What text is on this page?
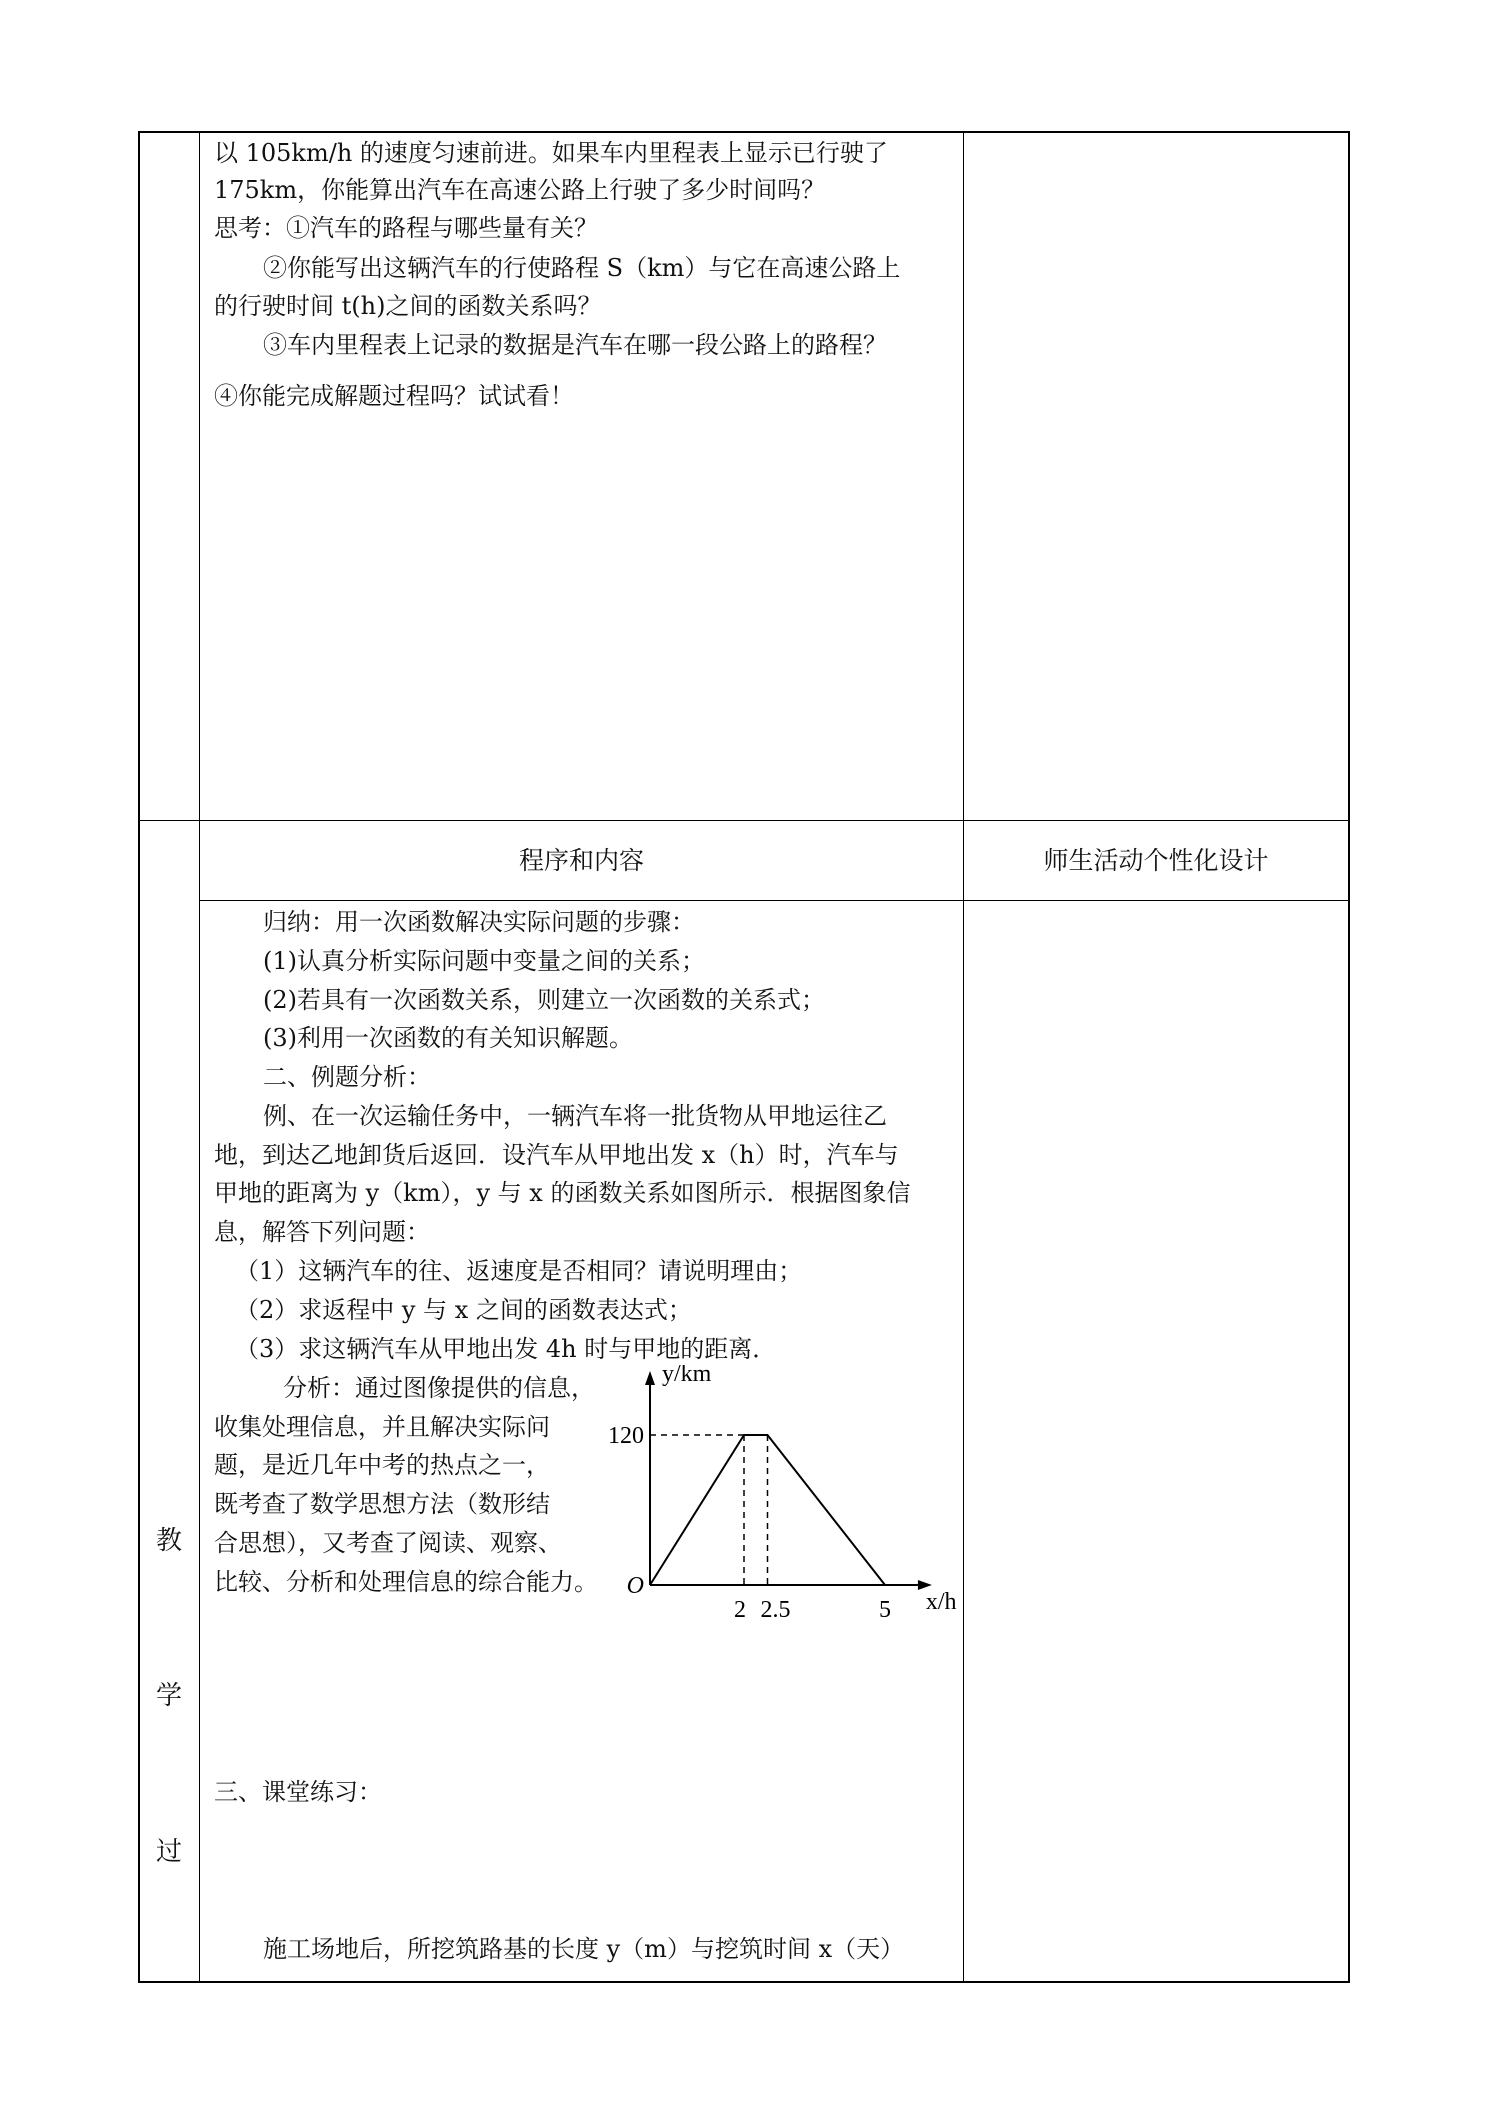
以 105km/h 的速度匀速前进。如果车内里程表上显示已行驶了
175km，你能算出汽车在高速公路上行驶了多少时间吗？
思考：①汽车的路程与哪些量有关？
②你能写出这辆汽车的行使路程 S（km）与它在高速公路上
的行驶时间 t(h)之间的函数关系吗？
③车内里程表上记录的数据是汽车在哪一段公路上的路程？
④你能完成解题过程吗？试试看！
程序和内容	师生活动个性化设计
教
学
过
归纳：用一次函数解决实际问题的步骤：
(1)认真分析实际问题中变量之间的关系；
(2)若具有一次函数关系，则建立一次函数的关系式；
(3)利用一次函数的有关知识解题。
二、例题分析：
例、在一次运输任务中，一辆汽车将一批货物从甲地运往乙
地，到达乙地卸货后返回．设汽车从甲地出发 x（h）时，汽车与
甲地的距离为 y（km），y 与 x 的函数关系如图所示．根据图象信
息，解答下列问题：
（1）这辆汽车的往、返速度是否相同？请说明理由；
（2）求返程中 y 与 x 之间的函数表达式；
（3）求这辆汽车从甲地出发 4h 时与甲地的距离．
分析：通过图像提供的信息，
收集处理信息，并且解决实际问
题，是近几年中考的热点之一，
既考查了数学思想方法（数形结
合思想），又考查了阅读、观察、
比较、分析和处理信息的综合能力。
三、课堂练习：
施工场地后，所挖筑路基的长度 y（m）与挖筑时间 x（天）
y/km
x/h
O
120
2 2.5	5
